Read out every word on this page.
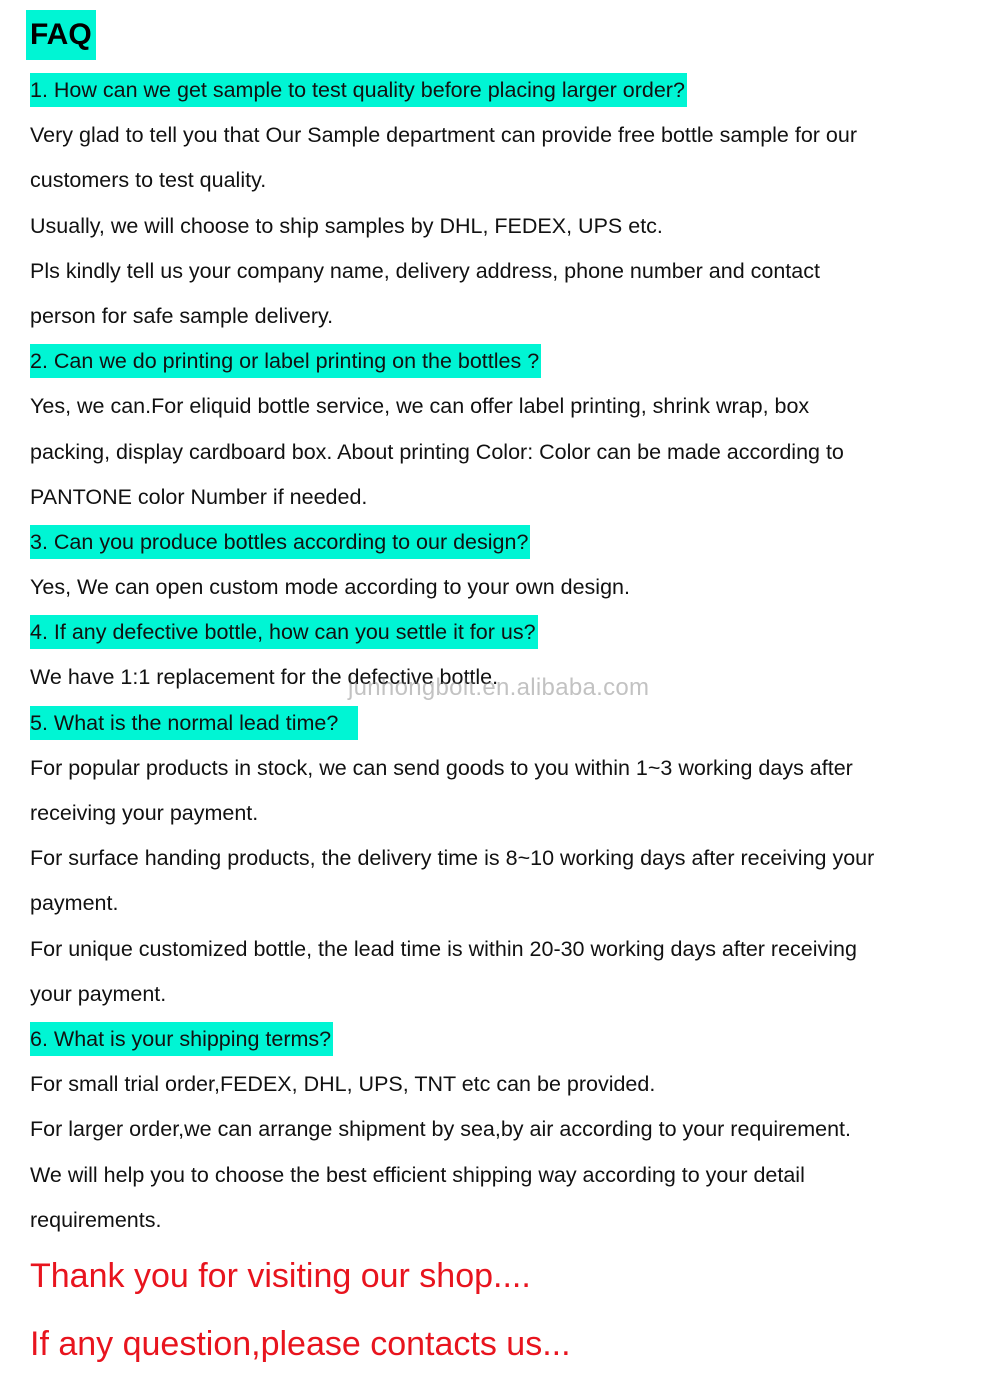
FAQ
1. How can we get sample to test quality before placing larger order?
Very glad to tell you that Our Sample department can provide free bottle sample for our
customers to test quality.
Usually, we will choose to ship samples by DHL, FEDEX, UPS etc.
Pls kindly tell us your company name, delivery address, phone number and contact
person for safe sample delivery.
2. Can we do printing or label printing on the bottles ?
Yes, we can.For eliquid bottle service, we can offer label printing, shrink wrap, box
packing, display cardboard box. About printing Color: Color can be made according to
PANTONE color Number if needed.
3. Can you produce bottles according to our design?
Yes, We can open custom mode according to your own design.
4. If any defective bottle, how can you settle it for us?
We have 1:1 replacement for the defective bottle.
5. What is the normal lead time?
For popular products in stock, we can send goods to you within 1~3 working days after
receiving your payment.
For surface handing products, the delivery time is 8~10 working days after receiving your
payment.
For unique customized bottle, the lead time is within 20-30 working days after receiving
your payment.
6. What is your shipping terms?
For small trial order,FEDEX, DHL, UPS, TNT etc can be provided.
For larger order,we can arrange shipment by sea,by air according to your requirement.
We will help you to choose the best efficient shipping way according to your detail
requirements.
Thank you for visiting our shop....
If any question,please contacts us...
junhongbolt.en.alibaba.com
